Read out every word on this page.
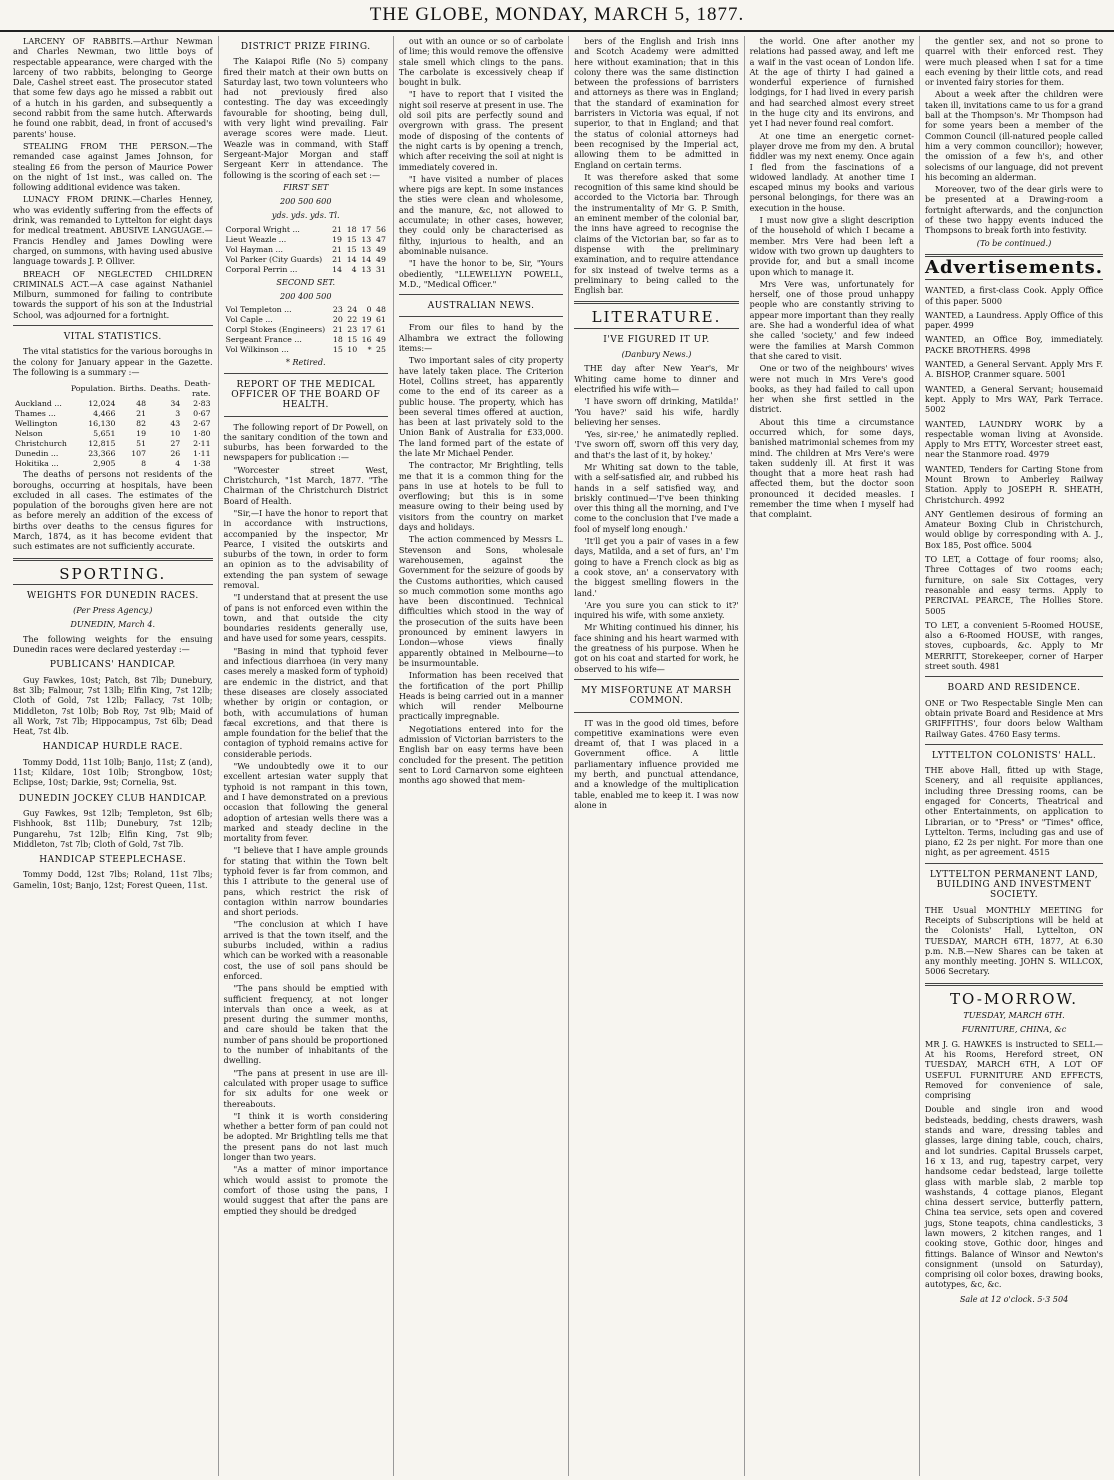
THE GLOBE, MONDAY, MARCH 5, 1877.

LARCENY OF RABBITS.—Arthur Newman and Charles Newman, two little boys of respectable appearance, were charged with the larceny of two rabbits, belonging to George Dale, Cashel street east. The prosecutor stated that some few days ago he missed a rabbit out of a hutch in his garden, and subsequently a second rabbit from the same hutch. Afterwards he found one rabbit, dead, in front of accused's parents' house.

STEALING FROM THE PERSON.—The remanded case against James Johnson, for stealing £6 from the person of Maurice Power on the night of 1st inst., was called on. The following additional evidence was taken.

LUNACY FROM DRINK.—Charles Henney, who was evidently suffering from the effects of drink, was remanded to Lyttelton for eight days for medical treatment. ABUSIVE LANGUAGE.—Francis Hendley and James Dowling were charged, on summons, with having used abusive language towards J. P. Olliver.

BREACH OF NEGLECTED CHILDREN CRIMINALS ACT.—A case against Nathaniel Milburn, summoned for failing to contribute towards the support of his son at the Industrial School, was adjourned for a fortnight.

VITAL STATISTICS.

The vital statistics for the various boroughs in the colony for January appear in the Gazette. The following is a summary :—

	Population.	Births.	Deaths.	Death-rate.
Auckland ...	12,024	48	34	2·83
Thames ...	4,466	21	3	0·67
Wellington	16,130	82	43	2·67
Nelson	5,651	19	10	1·80
Christchurch	12,815	51	27	2·11
Dunedin ...	23,366	107	26	1·11
Hokitika ...	2,905	8	4	1·38

The deaths of persons not residents of the boroughs, occurring at hospitals, have been excluded in all cases. The estimates of the population of the boroughs given here are not as before merely an addition of the excess of births over deaths to the census figures for March, 1874, as it has become evident that such estimates are not sufficiently accurate.

SPORTING.
WEIGHTS FOR DUNEDIN RACES.
(Per Press Agency.)
DUNEDIN, March 4.

The following weights for the ensuing Dunedin races were declared yesterday :—

PUBLICANS' HANDICAP.

Guy Fawkes, 10st; Patch, 8st 7lb; Dunebury, 8st 3lb; Falmour, 7st 13lb; Elfin King, 7st 12lb; Cloth of Gold, 7st 12lb; Fallacy, 7st 10lb; Middleton, 7st 10lb; Bob Roy, 7st 9lb; Maid of all Work, 7st 7lb; Hippocampus, 7st 6lb; Dead Heat, 7st 4lb.

HANDICAP HURDLE RACE.

Tommy Dodd, 11st 10lb; Banjo, 11st; Z (and), 11st; Kildare, 10st 10lb; Strongbow, 10st; Eclipse, 10st; Darkie, 9st; Cornelia, 9st.

DUNEDIN JOCKEY CLUB HANDICAP.

Guy Fawkes, 9st 12lb; Templeton, 9st 6lb; Fishhook, 8st 11lb; Dunebury, 7st 12lb; Pungarehu, 7st 12lb; Elfin King, 7st 9lb; Middleton, 7st 7lb; Cloth of Gold, 7st 7lb.

HANDICAP STEEPLECHASE.

Tommy Dodd, 12st 7lbs; Roland, 11st 7lbs; Gamelin, 10st; Banjo, 12st; Forest Queen, 11st.

DISTRICT PRIZE FIRING.

The Kaiapoi Rifle (No 5) company fired their match at their own butts on Saturday last, two town volunteers who had not previously fired also contesting. The day was exceedingly favourable for shooting, being dull, with very light wind prevailing. Fair average scores were made. Lieut. Weazle was in command, with Staff Sergeant-Major Morgan and staff Sergeant Kerr in attendance. The following is the scoring of each set :—

FIRST SET
200 500 600
yds. yds. yds. Tl.
Corporal Wright ...	21	18	17	56
Lieut Weazle ...	19	15	13	47
Vol Hayman ...	21	15	13	49
Vol Parker (City Guards)	21	14	14	49
Corporal Perrin ...	14	4	13	31
SECOND SET.
200 400 500
Vol Templeton ...	23	24	0	48
Vol Caple ...	20	22	19	61
Corpl Stokes (Engineers)	21	23	17	61
Sergeant France ...	18	15	16	49
Vol Wilkinson ...	15	10	*	25
* Retired.
REPORT OF THE MEDICAL OFFICER OF THE BOARD OF HEALTH.

The following report of Dr Powell, on the sanitary condition of the town and suburbs, has been forwarded to the newspapers for publication :—

"Worcester street West, Christchurch, "1st March, 1877. "The Chairman of the Christchurch District Board of Health.

"Sir,—I have the honor to report that in accordance with instructions, accompanied by the inspector, Mr Pearce, I visited the outskirts and suburbs of the town, in order to form an opinion as to the advisability of extending the pan system of sewage removal.

"I understand that at present the use of pans is not enforced even within the town, and that outside the city boundaries residents generally use, and have used for some years, cesspits.

"Basing in mind that typhoid fever and infectious diarrhoea (in very many cases merely a masked form of typhoid) are endemic in the district, and that these diseases are closely associated whether by origin or contagion, or both, with accumulations of human fæcal excretions, and that there is ample foundation for the belief that the contagion of typhoid remains active for considerable periods.

"We undoubtedly owe it to our excellent artesian water supply that typhoid is not rampant in this town, and I have demonstrated on a previous occasion that following the general adoption of artesian wells there was a marked and steady decline in the mortality from fever.

"I believe that I have ample grounds for stating that within the Town belt typhoid fever is far from common, and this I attribute to the general use of pans, which restrict the risk of contagion within narrow boundaries and short periods.

"The conclusion at which I have arrived is that the town itself, and the suburbs included, within a radius which can be worked with a reasonable cost, the use of soil pans should be enforced.

"The pans should be emptied with sufficient frequency, at not longer intervals than once a week, as at present during the summer months, and care should be taken that the number of pans should be proportioned to the number of inhabitants of the dwelling.

"The pans at present in use are ill-calculated with proper usage to suffice for six adults for one week or thereabouts.

"I think it is worth considering whether a better form of pan could not be adopted. Mr Brightling tells me that the present pans do not last much longer than two years.

"As a matter of minor importance which would assist to promote the comfort of those using the pans, I would suggest that after the pans are emptied they should be dredged

out with an ounce or so of carbolate of lime; this would remove the offensive stale smell which clings to the pans. The carbolate is excessively cheap if bought in bulk.

"I have to report that I visited the night soil reserve at present in use. The old soil pits are perfectly sound and overgrown with grass. The present mode of disposing of the contents of the night carts is by opening a trench, which after receiving the soil at night is immediately covered in.

"I have visited a number of places where pigs are kept. In some instances the sties were clean and wholesome, and the manure, &c, not allowed to accumulate; in other cases, however, they could only be characterised as filthy, injurious to health, and an abominable nuisance.

"I have the honor to be, Sir, "Yours obediently, "LLEWELLYN POWELL, M.D., "Medical Officer."

AUSTRALIAN NEWS.

From our files to hand by the Alhambra we extract the following items:—

Two important sales of city property have lately taken place. The Criterion Hotel, Collins street, has apparently come to the end of its career as a public house. The property, which has been several times offered at auction, has been at last privately sold to the Union Bank of Australia for £33,000. The land formed part of the estate of the late Mr Michael Pender.

The contractor, Mr Brightling, tells me that it is a common thing for the pans in use at hotels to be full to overflowing; but this is in some measure owing to their being used by visitors from the country on market days and holidays.

The action commenced by Messrs L. Stevenson and Sons, wholesale warehousemen, against the Government for the seizure of goods by the Customs authorities, which caused so much commotion some months ago have been discontinued. Technical difficulties which stood in the way of the prosecution of the suits have been pronounced by eminent lawyers in London—whose views finally apparently obtained in Melbourne—to be insurmountable.

Information has been received that the fortification of the port Phillip Heads is being carried out in a manner which will render Melbourne practically impregnable.

Negotiations entered into for the admission of Victorian barristers to the English bar on easy terms have been concluded for the present. The petition sent to Lord Carnarvon some eighteen months ago showed that mem-

bers of the English and Irish inns and Scotch Academy were admitted here without examination; that in this colony there was the same distinction between the professions of barristers and attorneys as there was in England; that the standard of examination for barristers in Victoria was equal, if not superior, to that in England; and that the status of colonial attorneys had been recognised by the Imperial act, allowing them to be admitted in England on certain terms.

It was therefore asked that some recognition of this same kind should be accorded to the Victoria bar. Through the instrumentality of Mr G. P. Smith, an eminent member of the colonial bar, the inns have agreed to recognise the claims of the Victorian bar, so far as to dispense with the preliminary examination, and to require attendance for six instead of twelve terms as a preliminary to being called to the English bar.

LITERATURE.
I'VE FIGURED IT UP.
(Danbury News.)

THE day after New Year's, Mr Whiting came home to dinner and electrified his wife with—

'I have sworn off drinking, Matilda!' 'You have?' said his wife, hardly believing her senses.

'Yes, sir-ree,' he animatedly replied. 'I've sworn off, sworn off this very day, and that's the last of it, by hokey.'

Mr Whiting sat down to the table, with a self-satisfied air, and rubbed his hands in a self satisfied way, and briskly continued—'I've been thinking over this thing all the morning, and I've come to the conclusion that I've made a fool of myself long enough.'

'It'll get you a pair of vases in a few days, Matilda, and a set of furs, an' I'm going to have a French clock as big as a cook stove, an' a conservatory with the biggest smelling flowers in the land.'

'Are you sure you can stick to it?' inquired his wife, with some anxiety.

Mr Whiting continued his dinner, his face shining and his heart warmed with the greatness of his purpose. When he got on his coat and started for work, he observed to his wife—

MY MISFORTUNE AT MARSH COMMON.

IT was in the good old times, before competitive examinations were even dreamt of, that I was placed in a Government office. A little parliamentary influence provided me my berth, and punctual attendance, and a knowledge of the multiplication table, enabled me to keep it. I was now alone in

the world. One after another my relations had passed away, and left me a waif in the vast ocean of London life. At the age of thirty I had gained a wonderful experience of furnished lodgings, for I had lived in every parish and had searched almost every street in the huge city and its environs, and yet I had never found real comfort.

At one time an energetic cornet-player drove me from my den. A brutal fiddler was my next enemy. Once again I fled from the fascinations of a widowed landlady. At another time I escaped minus my books and various personal belongings, for there was an execution in the house.

I must now give a slight description of the household of which I became a member. Mrs Vere had been left a widow with two grown up daughters to provide for, and but a small income upon which to manage it.

Mrs Vere was, unfortunately for herself, one of those proud unhappy people who are constantly striving to appear more important than they really are. She had a wonderful idea of what she called 'society,' and few indeed were the families at Marsh Common that she cared to visit.

One or two of the neighbours' wives were not much in Mrs Vere's good books, as they had failed to call upon her when she first settled in the district.

About this time a circumstance occurred which, for some days, banished matrimonial schemes from my mind. The children at Mrs Vere's were taken suddenly ill. At first it was thought that a more heat rash had affected them, but the doctor soon pronounced it decided measles. I remember the time when I myself had that complaint.

the gentler sex, and not so prone to quarrel with their enforced rest. They were much pleased when I sat for a time each evening by their little cots, and read or invented fairy stories for them.

About a week after the children were taken ill, invitations came to us for a grand ball at the Thompson's. Mr Thompson had for some years been a member of the Common Council (ill-natured people called him a very common councillor); however, the omission of a few h's, and other solecisms of our language, did not prevent his becoming an alderman.

Moreover, two of the dear girls were to be presented at a Drawing-room a fortnight afterwards, and the conjunction of these two happy events induced the Thompsons to break forth into festivity.

(To be continued.)
Advertisements.

WANTED, a first-class Cook. Apply Office of this paper. 5000

WANTED, a Laundress. Apply Office of this paper. 4999

WANTED, an Office Boy, immediately. PACKE BROTHERS. 4998

WANTED, a General Servant. Apply Mrs F. A. BISHOP, Cranmer square. 5001

WANTED, a General Servant; housemaid kept. Apply to Mrs WAY, Park Terrace. 5002

WANTED, LAUNDRY WORK by a respectable woman living at Avonside. Apply to Mrs ETTY, Worcester street east, near the Stanmore road. 4979

WANTED, Tenders for Carting Stone from Mount Brown to Amberley Railway Station. Apply to JOSEPH R. SHEATH, Christchurch. 4992

ANY Gentlemen desirous of forming an Amateur Boxing Club in Christchurch, would oblige by corresponding with A. J., Box 185, Post office. 5004

TO LET, a Cottage of four rooms; also, Three Cottages of two rooms each; furniture, on sale Six Cottages, very reasonable and easy terms. Apply to PERCIVAL PEARCE, The Hollies Store. 5005

TO LET, a convenient 5-Roomed HOUSE, also a 6-Roomed HOUSE, with ranges, stoves, cupboards, &c. Apply to Mr MERRITT, Storekeeper, corner of Harper street south. 4981

BOARD AND RESIDENCE.

ONE or Two Respectable Single Men can obtain private Board and Residence at Mrs GRIFFITHS', four doors below Waltham Railway Gates. 4760 Easy terms.

LYTTELTON COLONISTS' HALL.

THE above Hall, fitted up with Stage, Scenery, and all requisite appliances, including three Dressing rooms, can be engaged for Concerts, Theatrical and other Entertainments, on application to Librarian, or to "Press" or "Times" office, Lyttelton. Terms, including gas and use of piano, £2 2s per night. For more than one night, as per agreement. 4515

LYTTELTON PERMANENT LAND, BUILDING AND INVESTMENT SOCIETY.

THE Usual MONTHLY MEETING for Receipts of Subscriptions will be held at the Colonists' Hall, Lyttelton, ON TUESDAY, MARCH 6TH, 1877, At 6.30 p.m. N.B.—New Shares can be taken at any monthly meeting. JOHN S. WILLCOX, 5006 Secretary.

TO-MORROW.
TUESDAY, MARCH 6TH.
FURNITURE, CHINA, &c

MR J. G. HAWKES is instructed to SELL— At his Rooms, Hereford street, ON TUESDAY, MARCH 6TH, A LOT OF USEFUL FURNITURE AND EFFECTS, Removed for convenience of sale, comprising

Double and single iron and wood bedsteads, bedding, chests drawers, wash stands and ware, dressing tables and glasses, large dining table, couch, chairs, and lot sundries. Capital Brussels carpet, 16 x 13, and rug, tapestry carpet, very handsome cedar bedstead, large toilette glass with marble slab, 2 marble top washstands, 4 cottage pianos, Elegant china dessert service, butterfly pattern, China tea service, sets open and covered jugs, Stone teapots, china candlesticks, 3 lawn mowers, 2 kitchen ranges, and 1 cooking stove, Gothic door, hinges and fittings. Balance of Winsor and Newton's consignment (unsold on Saturday), comprising oil color boxes, drawing books, autotypes, &c, &c.

Sale at 12 o'clock. 5·3 504
